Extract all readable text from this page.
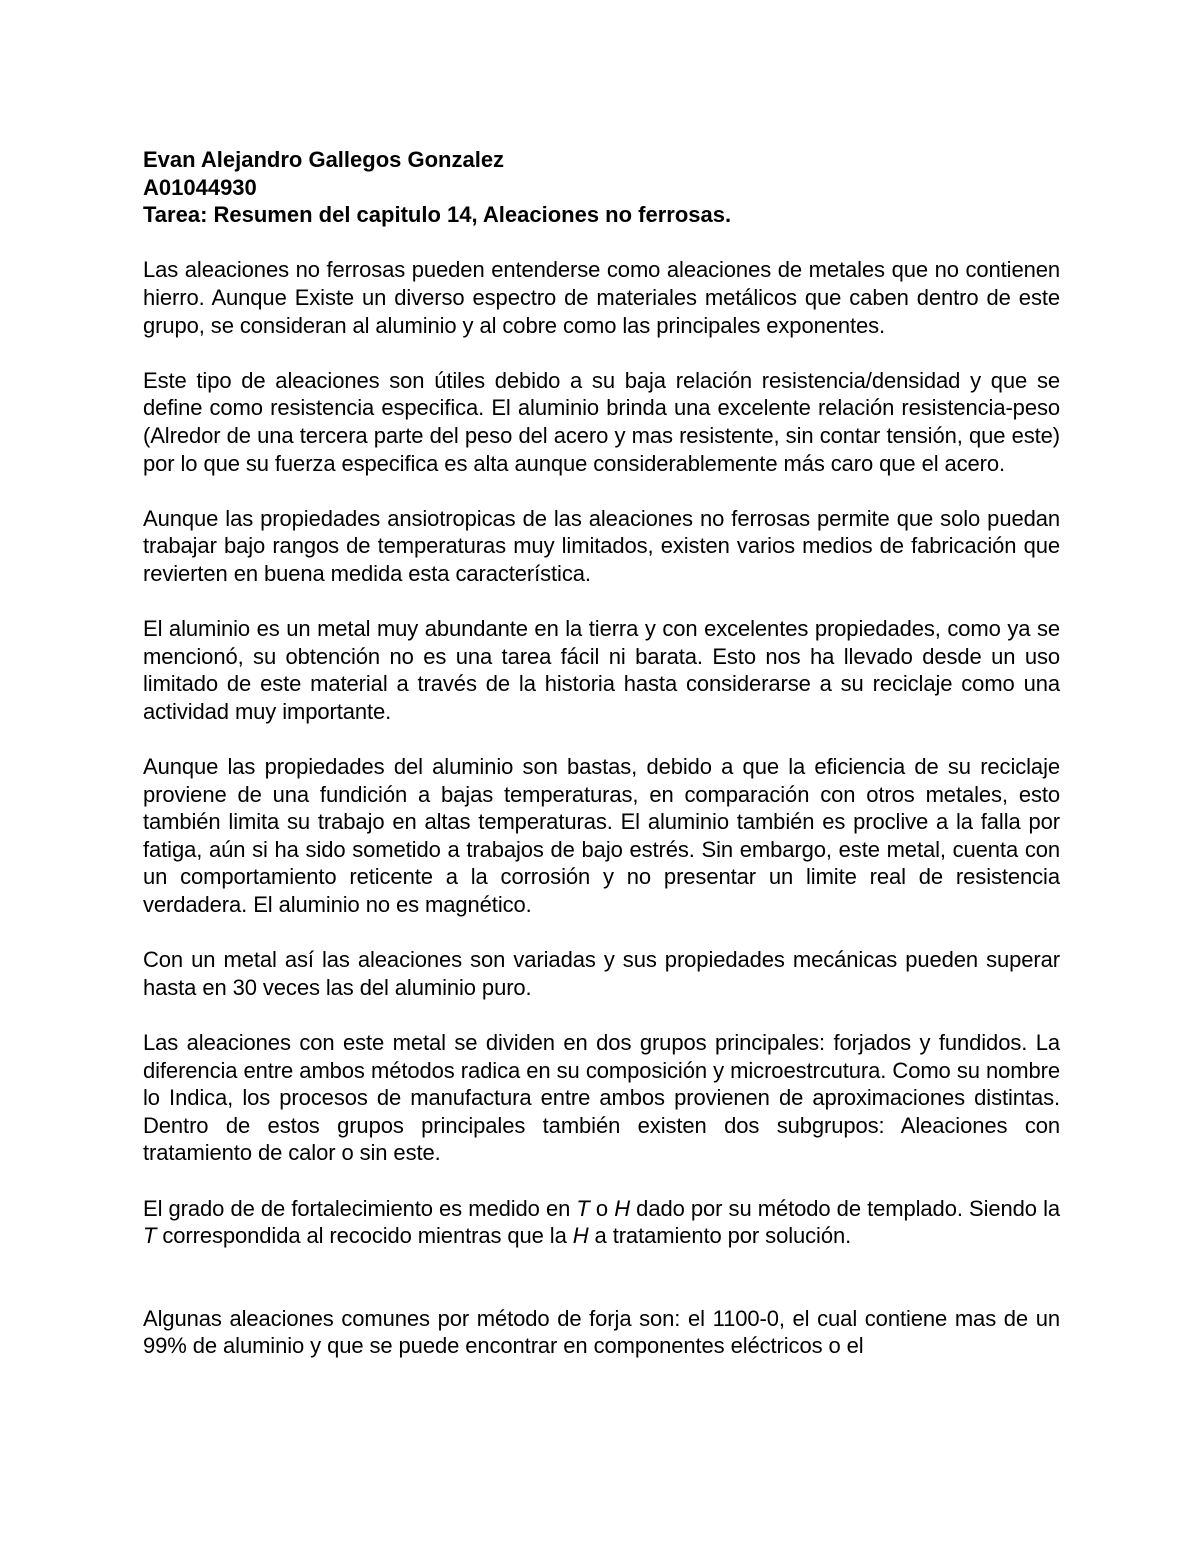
Evan Alejandro Gallegos Gonzalez

A01044930

Tarea: Resumen del capitulo 14, Aleaciones no ferrosas.

Las aleaciones no ferrosas pueden entenderse como aleaciones de metales que no contienen hierro. Aunque Existe un diverso espectro de materiales metálicos que caben dentro de este grupo, se consideran al aluminio y al cobre como las principales exponentes.

Este tipo de aleaciones son útiles debido a su baja relación resistencia/densidad y que se define como resistencia especifica. El aluminio brinda una excelente relación resistencia-peso (Alredor de una tercera parte del peso del acero y mas resistente, sin contar tensión, que este) por lo que su fuerza especifica es alta aunque considerablemente más caro que el acero.

Aunque las propiedades ansiotropicas de las aleaciones no ferrosas permite que solo puedan trabajar bajo rangos de temperaturas muy limitados, existen varios medios de fabricación que revierten en buena medida esta característica.

El aluminio es un metal muy abundante en la tierra y con excelentes propiedades, como ya se mencionó, su obtención no es una tarea fácil ni barata. Esto nos ha llevado desde un uso limitado de este material a través de la historia hasta considerarse a su reciclaje como una actividad muy importante.

Aunque las propiedades del aluminio son bastas, debido a que la eficiencia de su reciclaje proviene de una fundición a bajas temperaturas, en comparación con otros metales, esto también limita su trabajo en altas temperaturas. El aluminio también es proclive a la falla por fatiga, aún si ha sido sometido a trabajos de bajo estrés. Sin embargo, este metal, cuenta con un comportamiento reticente a la corrosión y no presentar un limite real de resistencia verdadera. El aluminio no es magnético.

Con un metal así las aleaciones son variadas y sus propiedades mecánicas pueden superar hasta en 30 veces las del aluminio puro.

Las aleaciones con este metal se dividen en dos grupos principales: forjados y fundidos. La diferencia entre ambos métodos radica en su composición y microestrcutura. Como su nombre lo Indica, los procesos de manufactura entre ambos provienen de aproximaciones distintas. Dentro de estos grupos principales también existen dos subgrupos: Aleaciones con tratamiento de calor o sin este.

El grado de de fortalecimiento es medido en T o H dado por su método de templado. Siendo la T correspondida al recocido mientras que la H a tratamiento por solución.

Algunas aleaciones comunes por método de forja son: el 1100-0, el cual contiene mas de un 99% de aluminio y que se puede encontrar en componentes eléctricos o el
